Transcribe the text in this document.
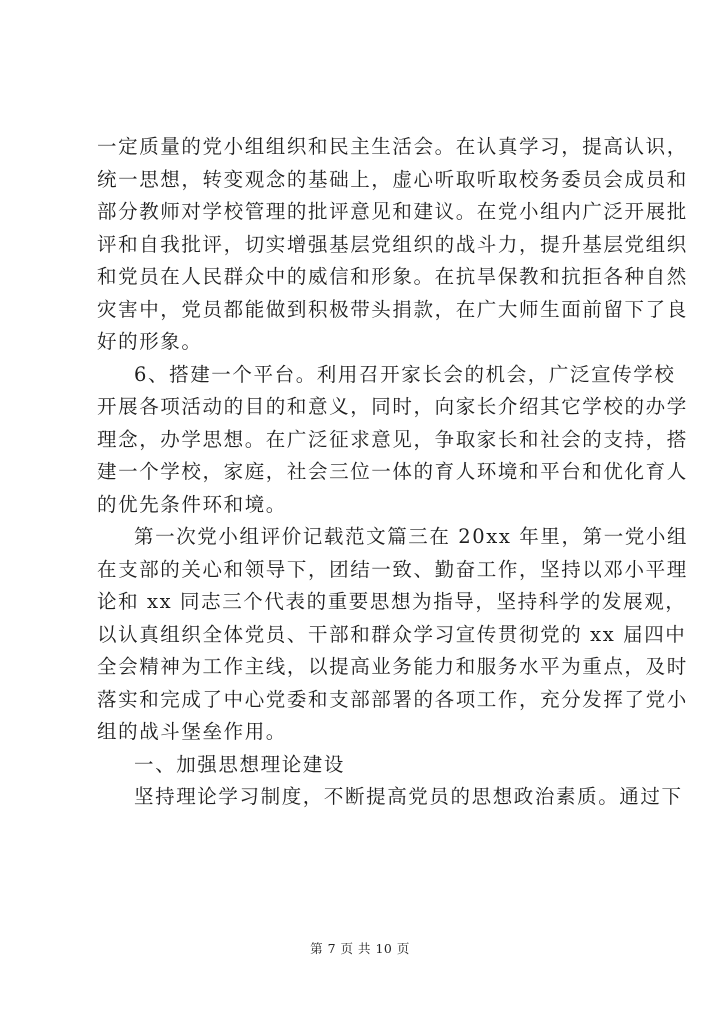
一定质量的党小组组织和民主生活会。在认真学习，提高认识，
统一思想，转变观念的基础上，虚心听取听取校务委员会成员和
部分教师对学校管理的批评意见和建议。在党小组内广泛开展批
评和自我批评，切实增强基层党组织的战斗力，提升基层党组织
和党员在人民群众中的威信和形象。在抗旱保教和抗拒各种自然
灾害中，党员都能做到积极带头捐款，在广大师生面前留下了良
好的形象。
6、搭建一个平台。利用召开家长会的机会，广泛宣传学校
开展各项活动的目的和意义，同时，向家长介绍其它学校的办学
理念，办学思想。在广泛征求意见，争取家长和社会的支持，搭
建一个学校，家庭，社会三位一体的育人环境和平台和优化育人
的优先条件环和境。
第一次党小组评价记载范文篇三在 20xx 年里，第一党小组
在支部的关心和领导下，团结一致、勤奋工作，坚持以邓小平理
论和 xx 同志三个代表的重要思想为指导，坚持科学的发展观，
以认真组织全体党员、干部和群众学习宣传贯彻党的 xx 届四中
全会精神为工作主线，以提高业务能力和服务水平为重点，及时
落实和完成了中心党委和支部部署的各项工作，充分发挥了党小
组的战斗堡垒作用。
一、加强思想理论建设
坚持理论学习制度，不断提高党员的思想政治素质。通过下
第 7 页 共 10 页
